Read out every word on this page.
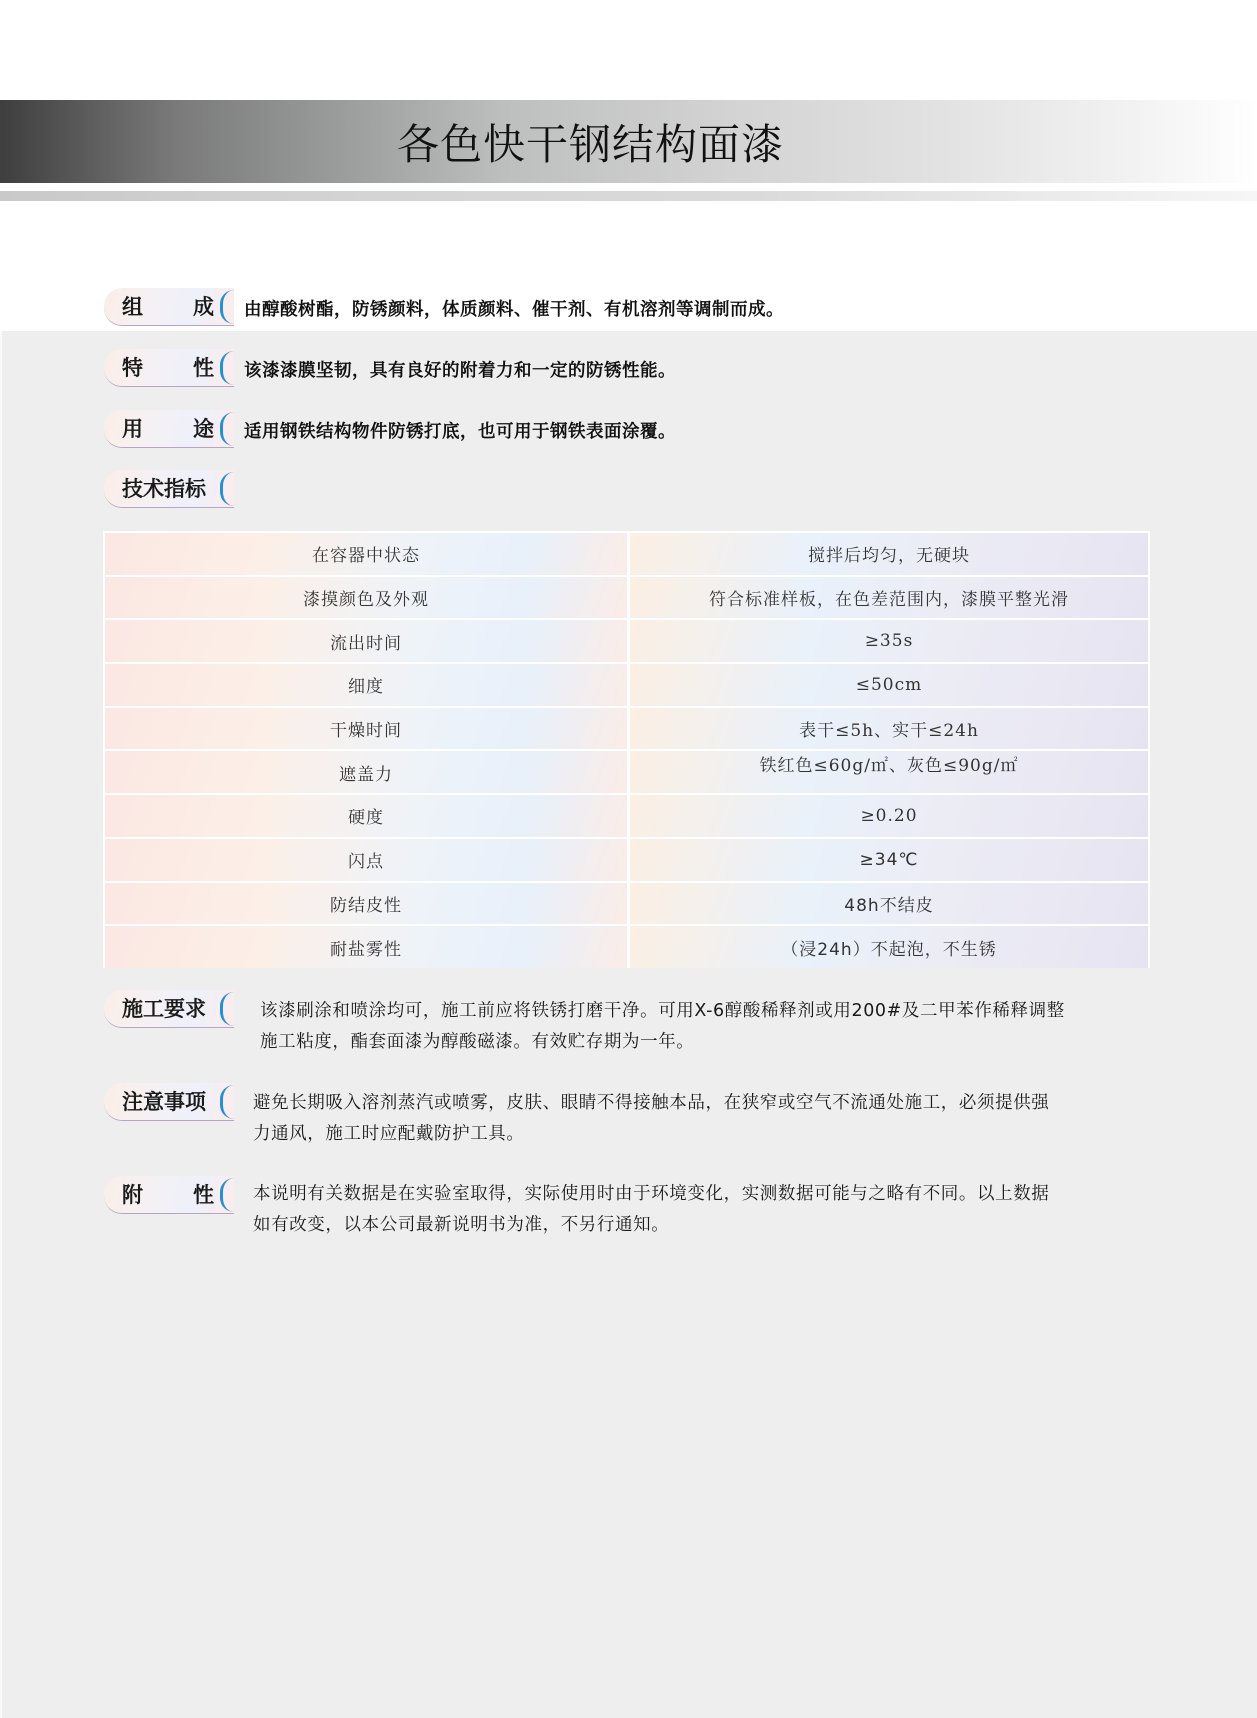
各色快干钢结构面漆
组 成 由醇酸树酯，防锈颜料，体质颜料、催干剂、有机溶剂等调制而成。
特 性 该漆漆膜坚韧，具有良好的附着力和一定的防锈性能。
用 途 适用钢铁结构物件防锈打底，也可用于钢铁表面涂覆。
技术指标
在容器中状态	搅拌后均匀，无硬块
漆摸颜色及外观	符合标准样板，在色差范围内，漆膜平整光滑
流出时间	≥35s
细度	≤50cm
干燥时间	表干≤5h、实干≤24h
遮盖力	铁红色≤60g/㎡、灰色≤90g/㎡
硬度	≥0.20
闪点	≥34℃
防结皮性	48h不结皮
耐盐雾性	（浸24h）不起泡，不生锈
施工要求	该漆刷涂和喷涂均可，施工前应将铁锈打磨干净。可用X-6醇酸稀释剂或用200#及二甲苯作稀释调整
施工粘度，酯套面漆为醇酸磁漆。有效贮存期为一年。
注意事项	避免长期吸入溶剂蒸汽或喷雾，皮肤、眼睛不得接触本品，在狭窄或空气不流通处施工，必须提供强
力通风，施工时应配戴防护工具。
附 性 本说明有关数据是在实验室取得，实际使用时由于环境变化，实测数据可能与之略有不同。以上数据
如有改变，以本公司最新说明书为准，不另行通知。
